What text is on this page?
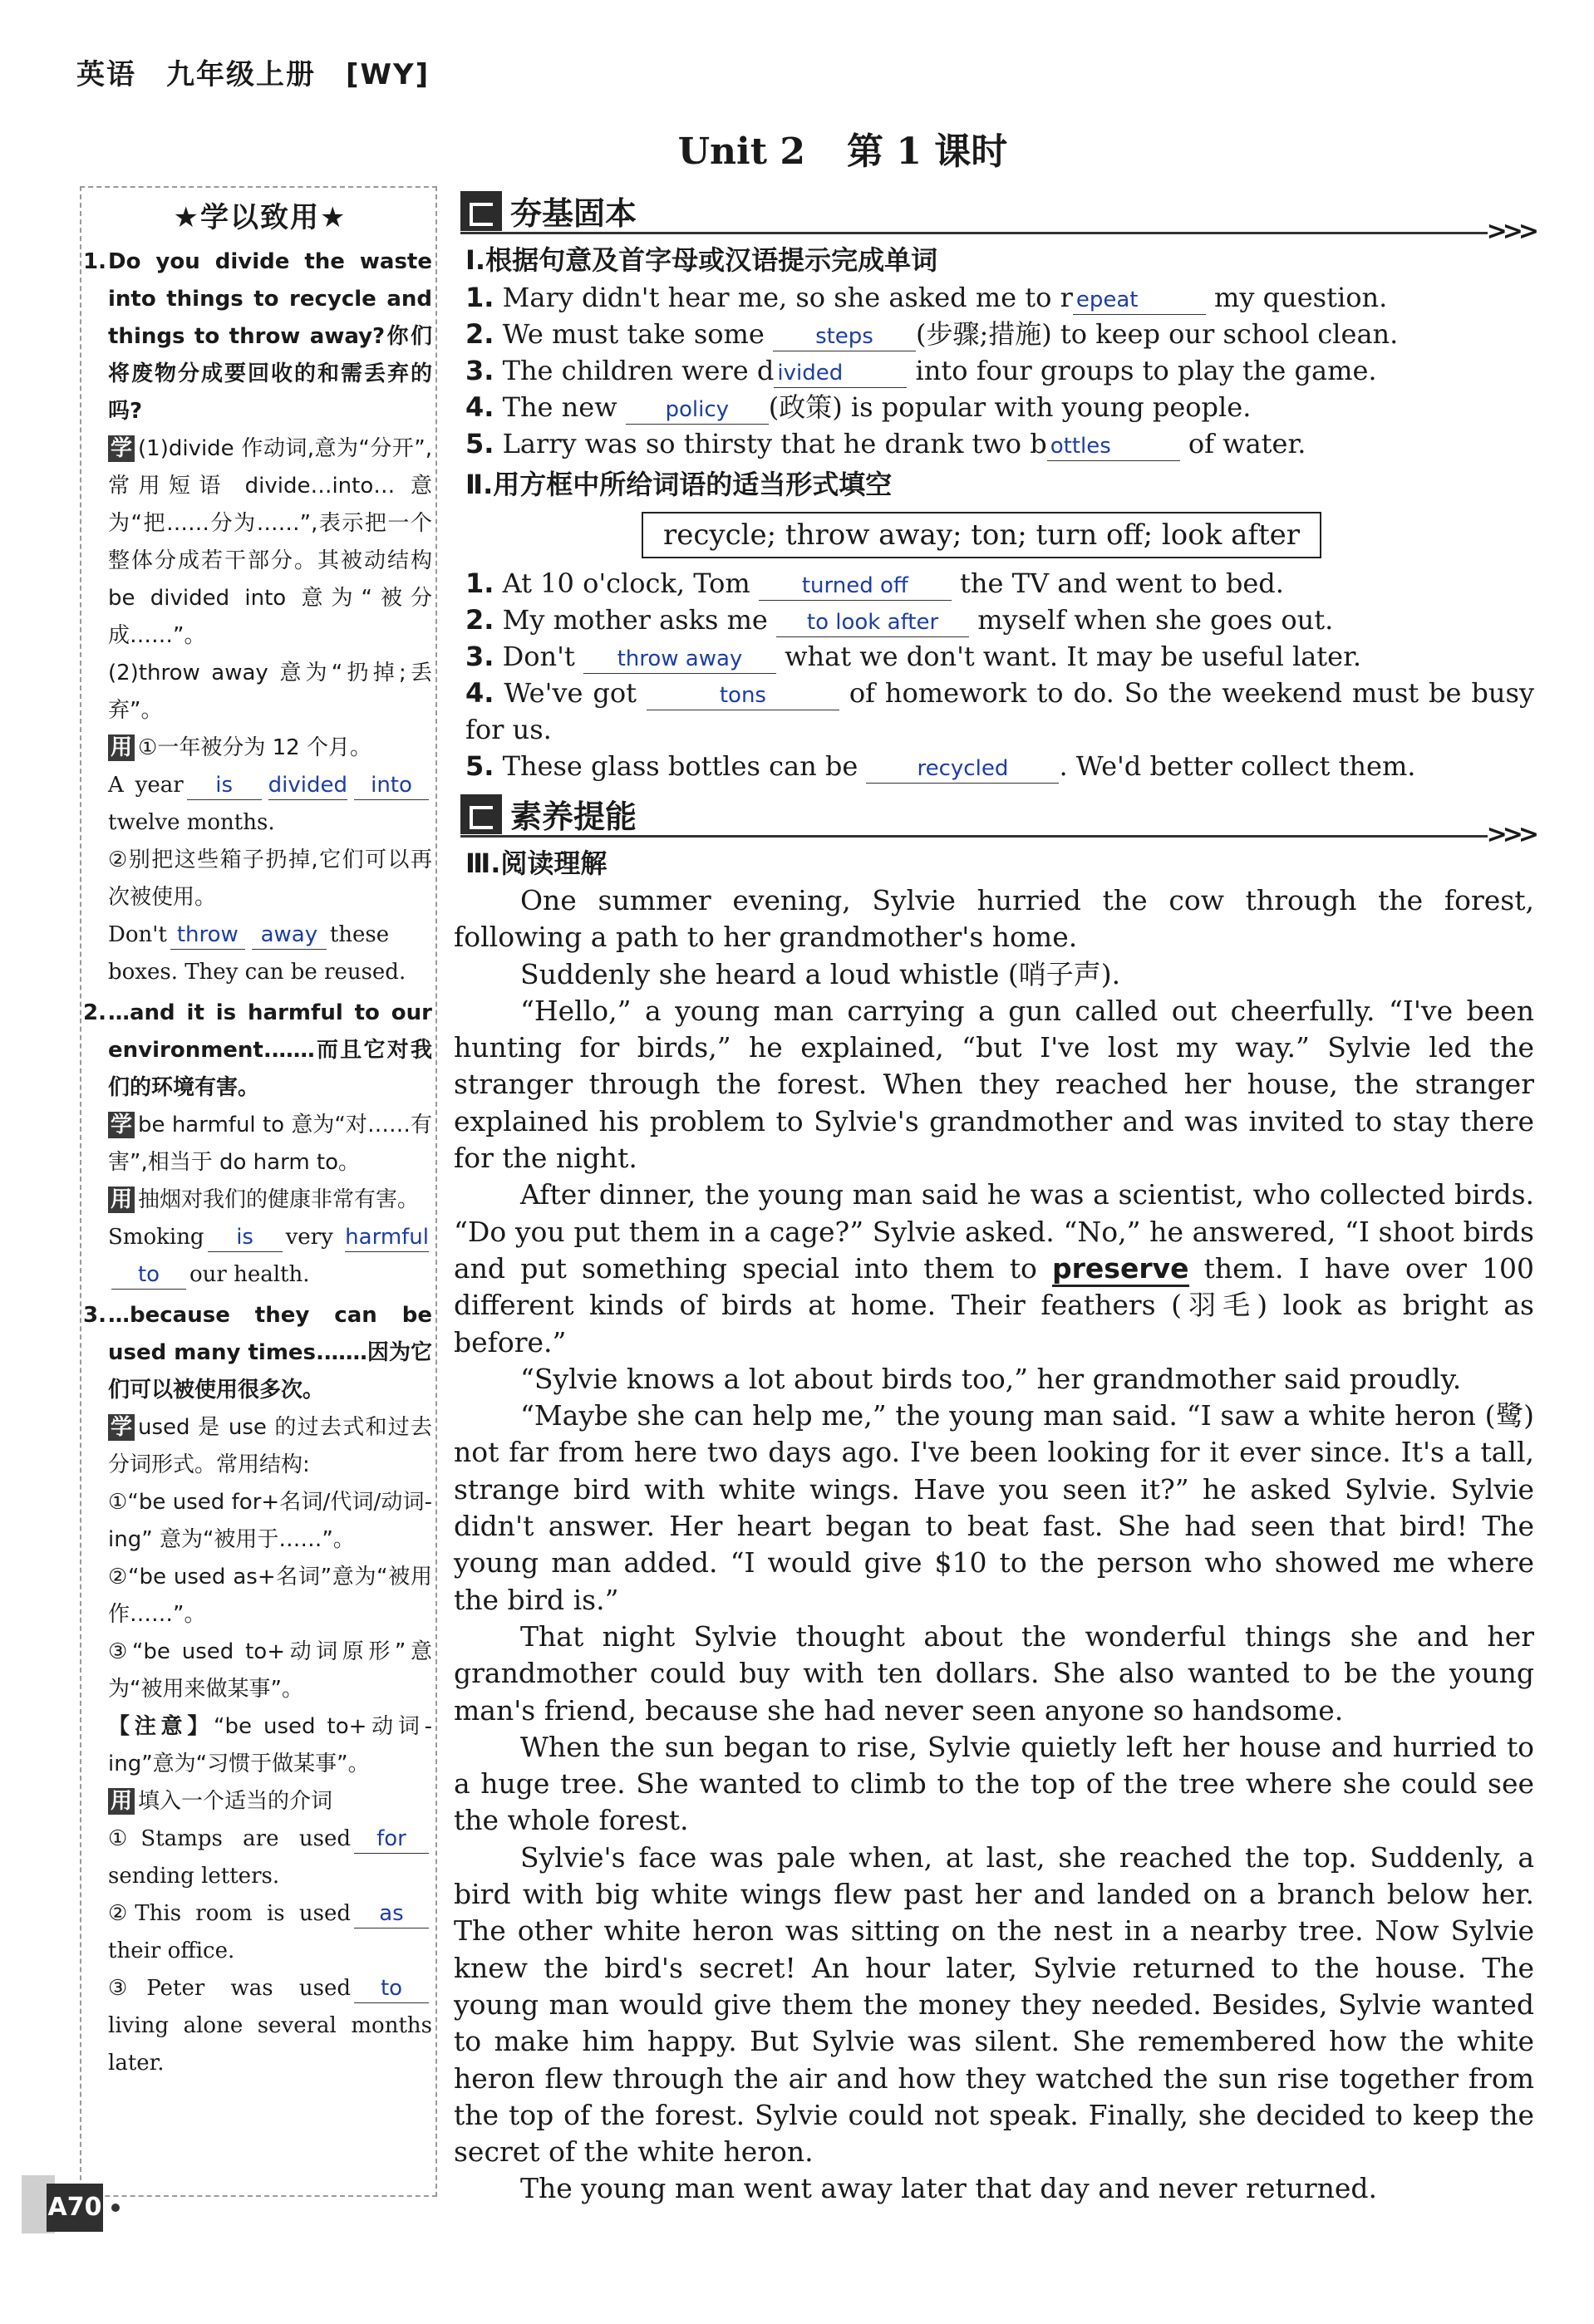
英语　九年级上册　[WY]
Unit 2 第 1 课时
★学以致用★

1.Do you divide the waste into things to recycle and things to throw away?你们将废物分成要回收的和需丢弃的吗?

学 (1)divide 作动词,意为“分开”,常用短语 divide…into… 意为“把……分为……”,表示把一个整体分成若干部分。其被动结构 be divided into 意为“被分成……”。

(2)throw away 意为“扔掉;丢弃”。

用 ①一年被分为 12 个月。

A year is divided into twelve months.

②别把这些箱子扔掉,它们可以再次被使用。

Don't throw away these boxes. They can be reused.

2.…and it is harmful to our environment.……而且它对我们的环境有害。

学 be harmful to 意为“对……有害”,相当于 do harm to。

用 抽烟对我们的健康非常有害。

Smoking is very harmfulto our health.

3.…because they can be used many times.……因为它们可以被使用很多次。

学 used 是 use 的过去式和过去分词形式。常用结构:

①“be used for+名词/代词/动词-ing” 意为“被用于……”。

②“be used as+名词”意为“被用作……”。

③“be used to+动词原形”意为“被用来做某事”。

【注意】“be used to+动词-ing”意为“习惯于做某事”。

用 填入一个适当的介词

①Stamps are used forsending letters.

②This room is used astheir office.

③Peter was used toliving alone several months later.

夯基固本	>>>
Ⅰ.根据句意及首字母或汉语提示完成单词
1. Mary didn't hear me, so she asked me to r epeat	my question.
2. We must take some steps (步骤;措施) to keep our school clean.
3. The children were d ivided	into four groups to play the game.
4. The new policy (政策) is popular with young people.
5. Larry was so thirsty that he drank two b ottles	of water.
Ⅱ.用方框中所给词语的适当形式填空
recycle; throw away; ton; turn off; look after
1. At 10 o'clock, Tom turned off the TV and went to bed.
2. My mother asks me to look after myself when she goes out.
3. Don't throw away what we don't want. It may be useful later.
4. We've got	tons	of homework to do. So the weekend must be busy for us.
5. These glass bottles can be	recycled . We'd better collect them.
素养提能	>>>
Ⅲ.阅读理解

One summer evening, Sylvie hurried the cow through the forest, following a path to her grandmother's home.

Suddenly she heard a loud whistle (哨子声).

“Hello,” a young man carrying a gun called out cheerfully. “I've been hunting for birds,” he explained, “but I've lost my way.” Sylvie led the stranger through the forest. When they reached her house, the stranger explained his problem to Sylvie's grandmother and was invited to stay there for the night.

After dinner, the young man said he was a scientist, who collected birds. “Do you put them in a cage?” Sylvie asked. “No,” he answered, “I shoot birds and put something special into them to preserve them. I have over 100 different kinds of birds at home. Their feathers (羽毛) look as bright as before.”

“Sylvie knows a lot about birds too,” her grandmother said proudly.

“Maybe she can help me,” the young man said. “I saw a white heron (鹭) not far from here two days ago. I've been looking for it ever since. It's a tall, strange bird with white wings. Have you seen it?” he asked Sylvie. Sylvie didn't answer. Her heart began to beat fast. She had seen that bird! The young man added. “I would give $10 to the person who showed me where the bird is.”

That night Sylvie thought about the wonderful things she and her grandmother could buy with ten dollars. She also wanted to be the young man's friend, because she had never seen anyone so handsome.

When the sun began to rise, Sylvie quietly left her house and hurried to a huge tree. She wanted to climb to the top of the tree where she could see the whole forest.

Sylvie's face was pale when, at last, she reached the top. Suddenly, a bird with big white wings flew past her and landed on a branch below her. The other white heron was sitting on the nest in a nearby tree. Now Sylvie knew the bird's secret! An hour later, Sylvie returned to the house. The young man would give them the money they needed. Besides, Sylvie wanted to make him happy. But Sylvie was silent. She remembered how the white heron flew through the air and how they watched the sun rise together from the top of the forest. Sylvie could not speak. Finally, she decided to keep the secret of the white heron.

The young man went away later that day and never returned.

A70
